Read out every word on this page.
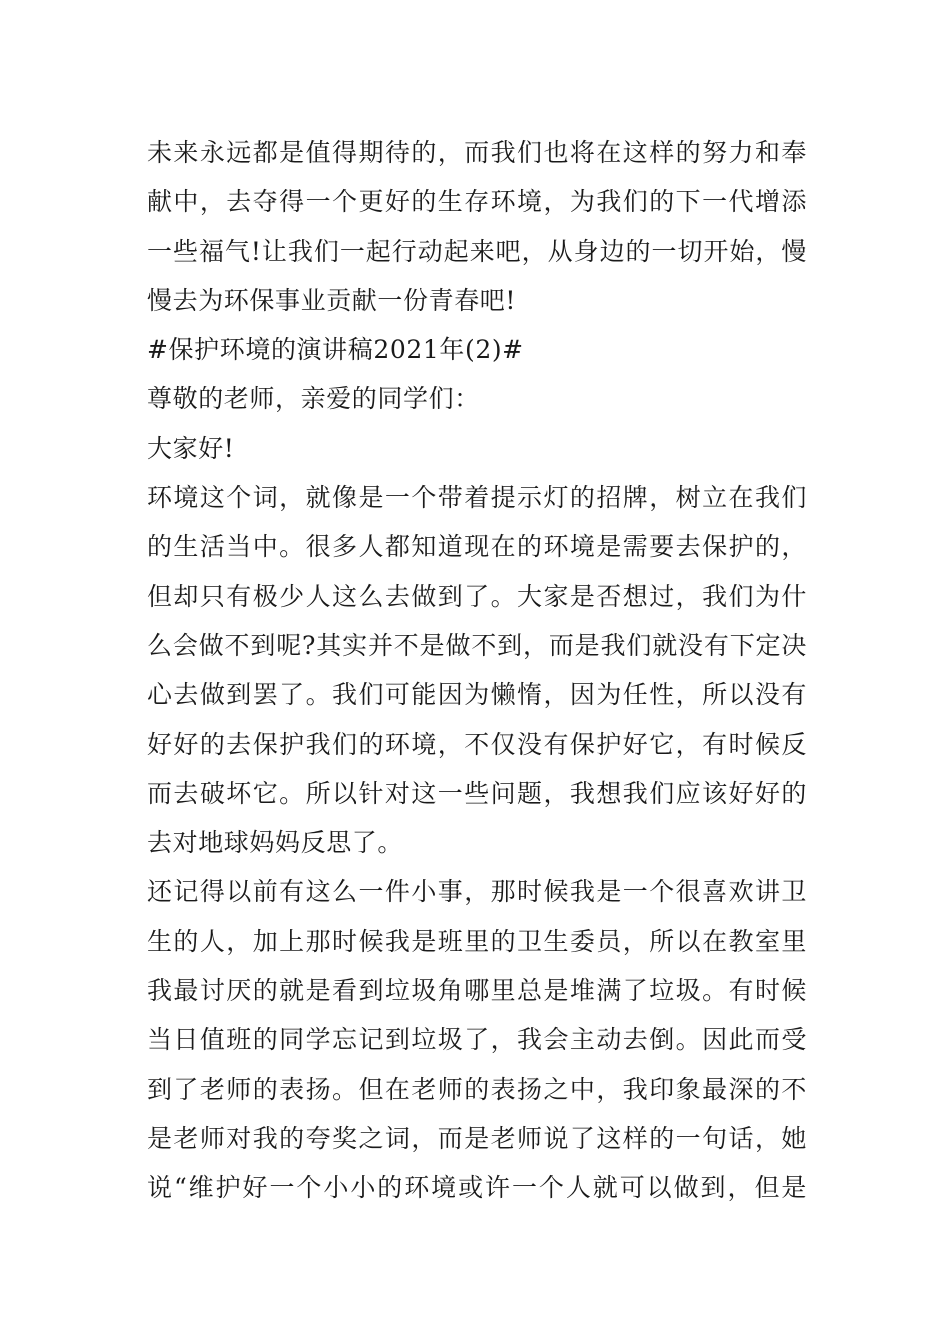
未来永远都是值得期待的，而我们也将在这样的努力和奉
献中，去夺得一个更好的生存环境，为我们的下一代增添
一些福气!让我们一起行动起来吧，从身边的一切开始，慢
慢去为环保事业贡献一份青春吧!
#保护环境的演讲稿2021年(2)#
尊敬的老师，亲爱的同学们：
大家好!
环境这个词，就像是一个带着提示灯的招牌，树立在我们
的生活当中。很多人都知道现在的环境是需要去保护的，
但却只有极少人这么去做到了。大家是否想过，我们为什
么会做不到呢?其实并不是做不到，而是我们就没有下定决
心去做到罢了。我们可能因为懒惰，因为任性，所以没有
好好的去保护我们的环境，不仅没有保护好它，有时候反
而去破坏它。所以针对这一些问题，我想我们应该好好的
去对地球妈妈反思了。
还记得以前有这么一件小事，那时候我是一个很喜欢讲卫
生的人，加上那时候我是班里的卫生委员，所以在教室里
我最讨厌的就是看到垃圾角哪里总是堆满了垃圾。有时候
当日值班的同学忘记到垃圾了，我会主动去倒。因此而受
到了老师的表扬。但在老师的表扬之中，我印象最深的不
是老师对我的夸奖之词，而是老师说了这样的一句话，她
说“维护好一个小小的环境或许一个人就可以做到，但是
